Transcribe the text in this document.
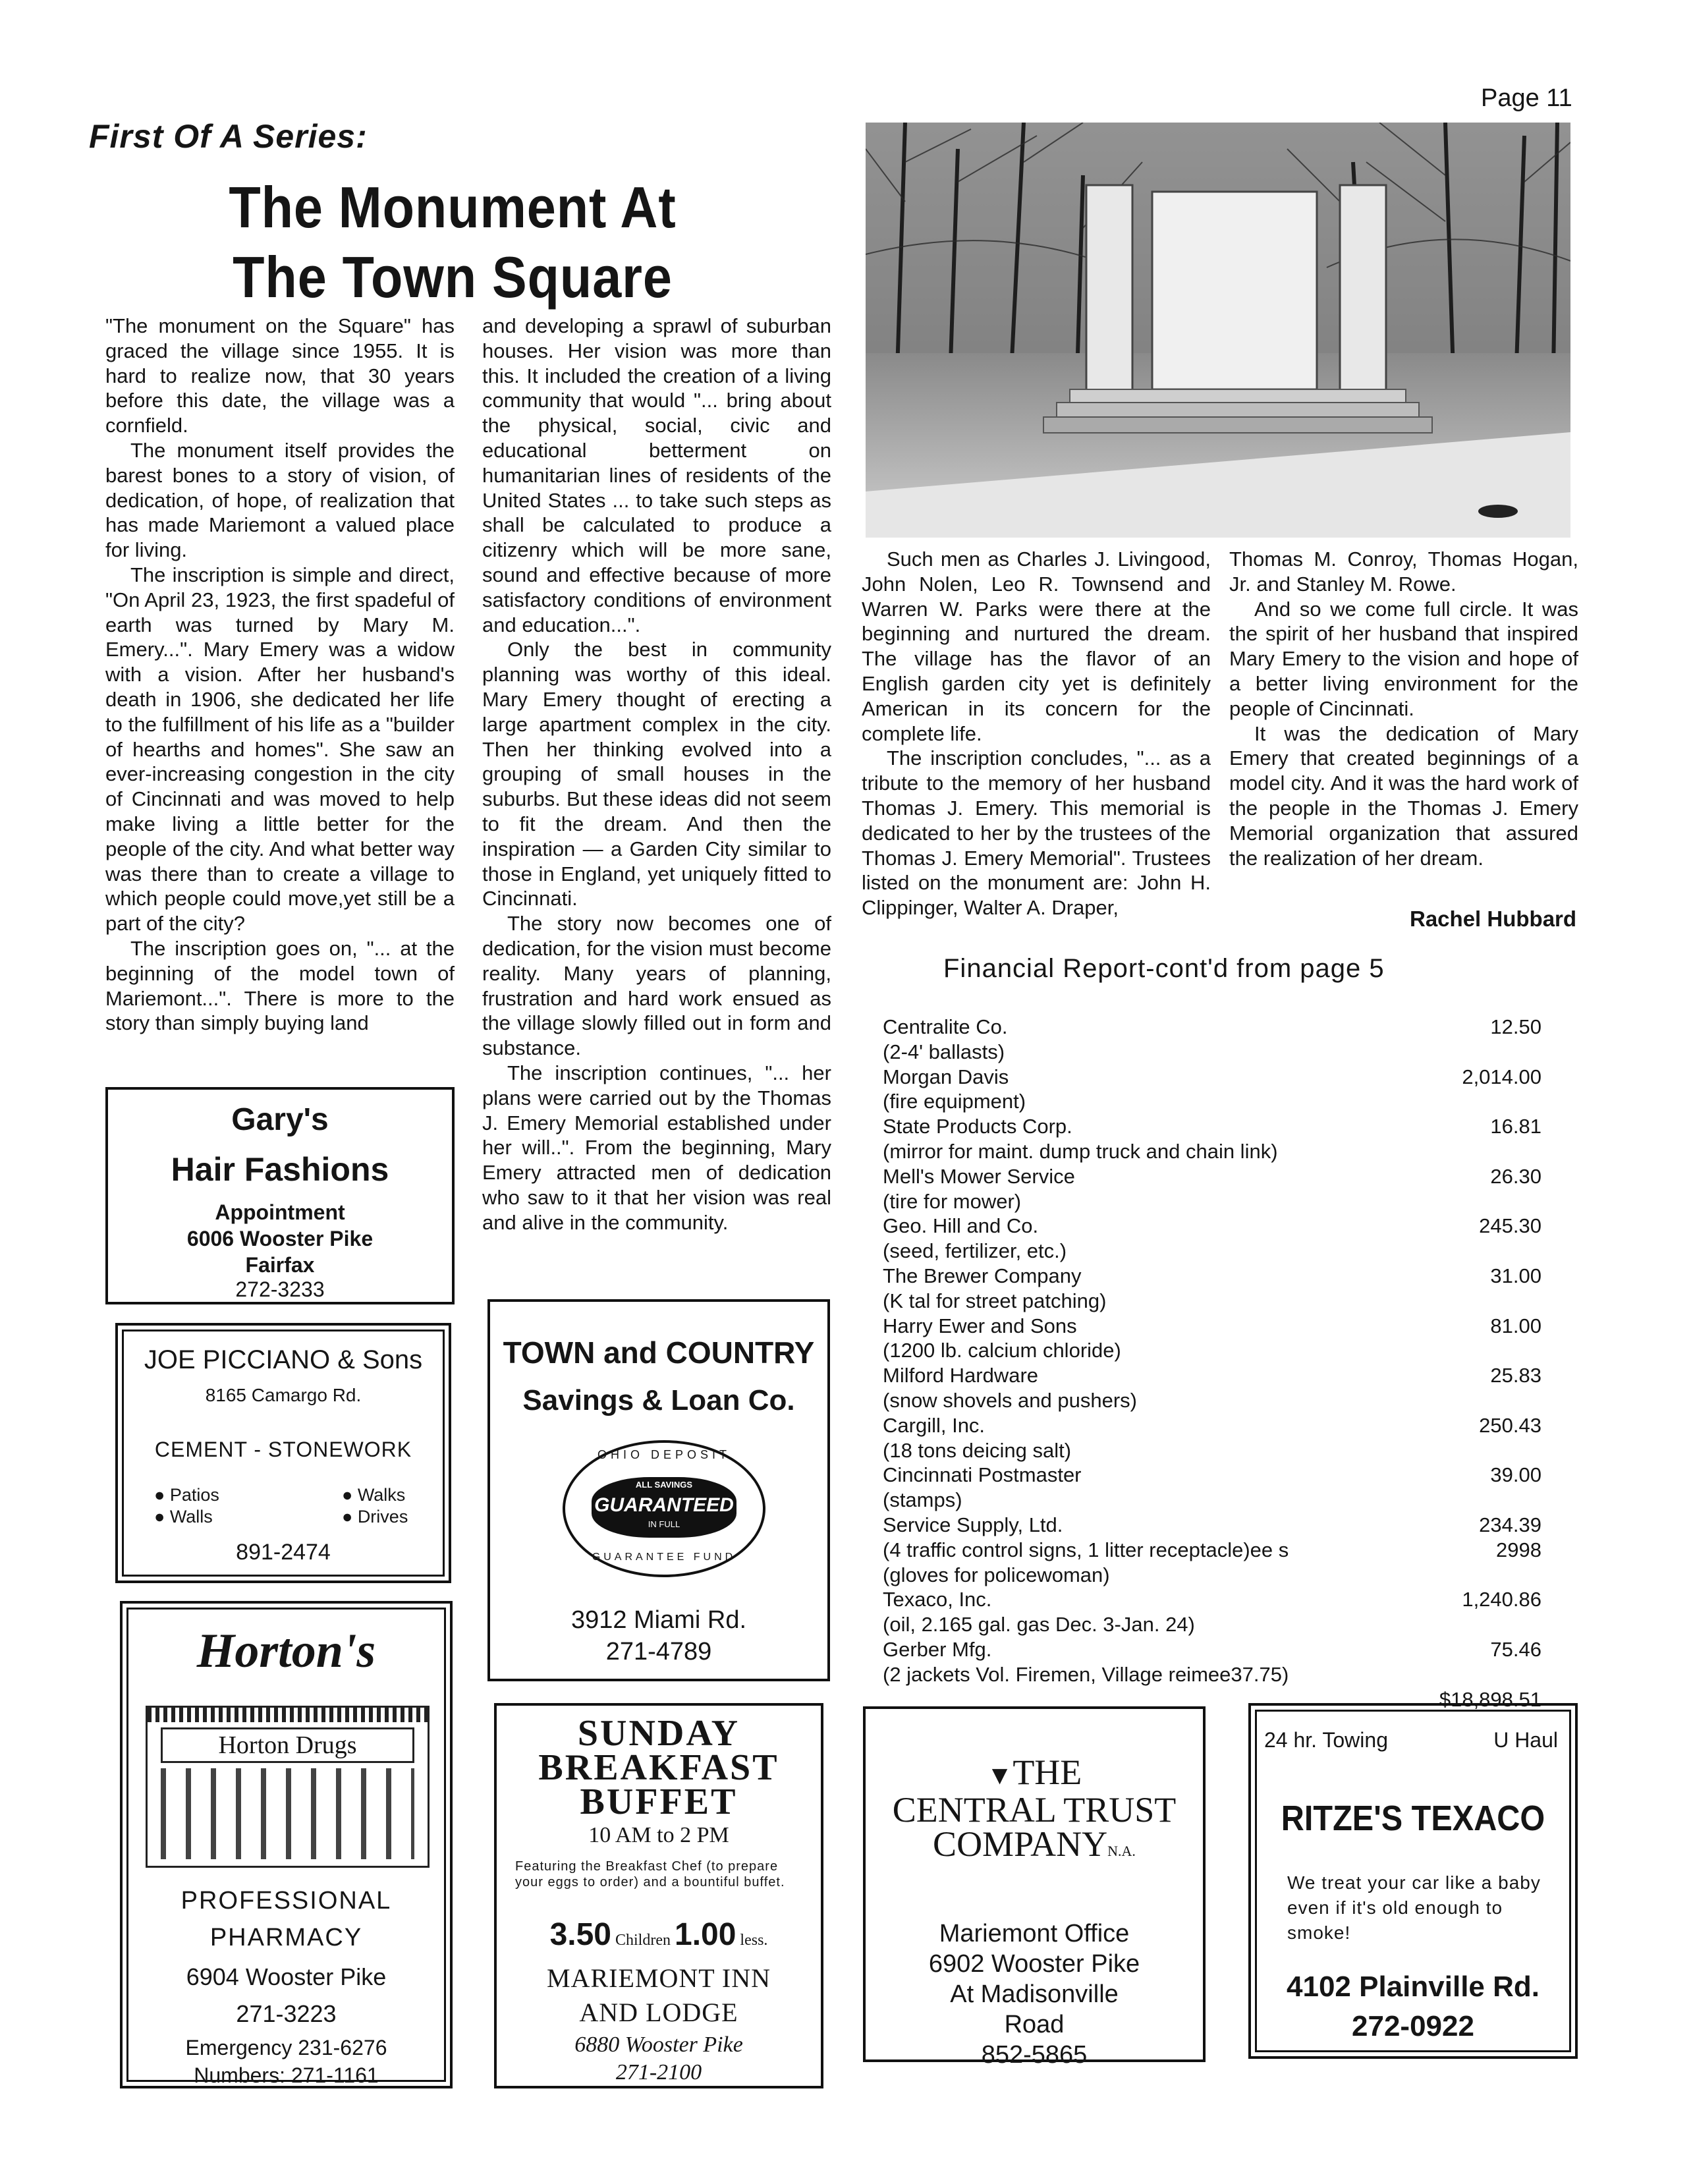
Page 11
First Of A Series:
The Monument At
The Town Square

"The monument on the Square" has graced the village since 1955. It is hard to realize now, that 30 years before this date, the village was a cornfield.

The monument itself provides the barest bones to a story of vision, of dedication, of hope, of realization that has made Mariemont a valued place for living.

The inscription is simple and direct, "On April 23, 1923, the first spadeful of earth was turned by Mary M. Emery...". Mary Emery was a widow with a vision. After her husband's death in 1906, she dedicated her life to the fulfillment of his life as a "builder of hearths and homes". She saw an ever-increasing congestion in the city of Cincinnati and was moved to help make living a little better for the people of the city. And what better way was there than to create a village to which people could move,yet still be a part of the city?

The inscription goes on, "... at the beginning of the model town of Mariemont...". There is more to the story than simply buying land

and developing a sprawl of suburban houses. Her vision was more than this. It included the creation of a living community that would "... bring about the physical, social, civic and educational betterment on humanitarian lines of residents of the United States ... to take such steps as shall be calculated to produce a citizenry which will be more sane, sound and effective because of more satisfactory conditions of environment and education...".

Only the best in community planning was worthy of this ideal. Mary Emery thought of erecting a large apartment complex in the city. Then her thinking evolved into a grouping of small houses in the suburbs. But these ideas did not seem to fit the dream. And then the inspiration — a Garden City similar to those in England, yet uniquely fitted to Cincinnati.

The story now becomes one of dedication, for the vision must become reality. Many years of planning, frustration and hard work ensued as the village slowly filled out in form and substance.

The inscription continues, "... her plans were carried out by the Thomas J. Emery Memorial established under her will..". From the beginning, Mary Emery attracted men of dedication who saw to it that her vision was real and alive in the community.

Such men as Charles J. Livingood, John Nolen, Leo R. Townsend and Warren W. Parks were there at the beginning and nurtured the dream. The village has the flavor of an English garden city yet is definitely American in its concern for the complete life.

The inscription concludes, "... as a tribute to the memory of her husband Thomas J. Emery. This memorial is dedicated to her by the trustees of the Thomas J. Emery Memorial". Trustees listed on the monument are: John H. Clippinger, Walter A. Draper,

Thomas M. Conroy, Thomas Hogan, Jr. and Stanley M. Rowe.

And so we come full circle. It was the spirit of her husband that inspired Mary Emery to the vision and hope of a better living environment for the people of Cincinnati.

It was the dedication of Mary Emery that created beginnings of a model city. And it was the hard work of the people in the Thomas J. Emery Memorial organization that assured the realization of her dream.

Rachel Hubbard
Financial Report-cont'd from page 5
Centralite Co.	12.50
(2-4' ballasts)
Morgan Davis	2,014.00
(fire equipment)
State Products Corp.	16.81
(mirror for maint. dump truck and chain link)
Mell's Mower Service	26.30
(tire for mower)
Geo. Hill and Co.	245.30
(seed, fertilizer, etc.)
The Brewer Company	31.00
(K tal for street patching)
Harry Ewer and Sons	81.00
(1200 lb. calcium chloride)
Milford Hardware	25.83
(snow shovels and pushers)
Cargill, Inc.	250.43
(18 tons deicing salt)
Cincinnati Postmaster	39.00
(stamps)
Service Supply, Ltd.	234.39
(4 traffic control signs, 1 litter receptacle)ee s	2998
(gloves for policewoman)
Texaco, Inc.	1,240.86
(oil, 2.165 gal. gas Dec. 3-Jan. 24)
Gerber Mfg.	75.46
(2 jackets Vol. Firemen, Village reimee37.75)
$18,898.51
Gary's
Hair Fashions
Appointment
6006 Wooster Pike
Fairfax
272-3233
JOE PICCIANO & Sons
8165 Camargo Rd.
CEMENT - STONEWORK
● Patios	● Walks
● Walls	● Drives
891-2474
Horton's
Horton Drugs
PROFESSIONAL
PHARMACY
6904 Wooster Pike
271-3223
Emergency 231-6276
Numbers: 271-1161
TOWN and COUNTRY
Savings & Loan Co.
OHIO DEPOSIT
ALL SAVINGS
GUARANTEED
IN FULL
GUARANTEE FUND
3912 Miami Rd.
271-4789
SUNDAY
BREAKFAST
BUFFET
10 AM to 2 PM
Featuring the Breakfast Chef (to prepare your eggs to order) and a bountiful buffet.
3.50 Children 1.00 less.
MARIEMONT INN
AND LODGE
6880 Wooster Pike
271-2100
▼THE
CENTRAL TRUST
COMPANYN.A.
Mariemont Office
6902 Wooster Pike
At Madisonville
Road
852-5865
24 hr. Towing	U Haul
RITZE'S TEXACO
We treat your car like a baby even if it's old enough to smoke!
4102 Plainville Rd.
272-0922
